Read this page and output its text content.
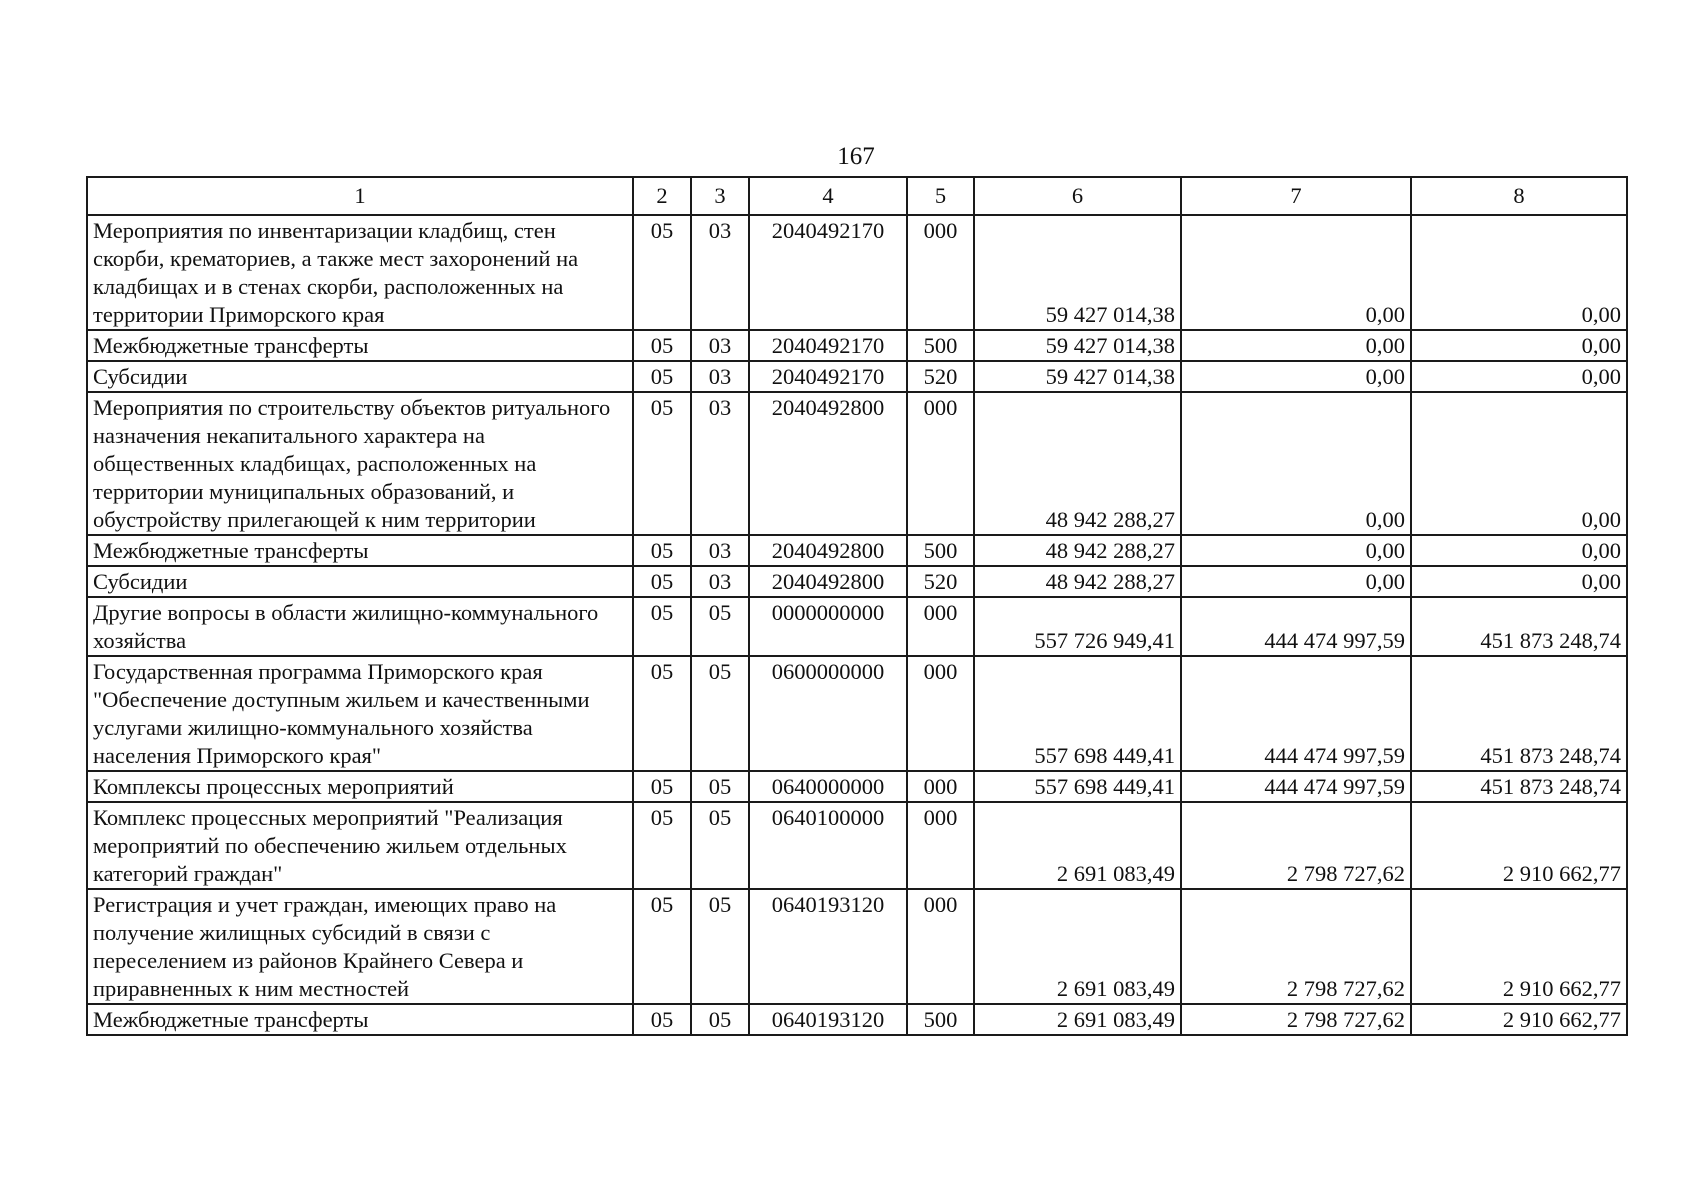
167
1	2	3	4	5	6	7	8
Мероприятия по инвентаризации кладбищ, стен скорби, крематориев, а также мест захоронений на кладбищах и в стенах скорби, расположенных на территории Приморского края	05	03	2040492170	000	59 427 014,38	0,00	0,00
Межбюджетные трансферты	05	03	2040492170	500	59 427 014,38	0,00	0,00
Субсидии	05	03	2040492170	520	59 427 014,38	0,00	0,00
Мероприятия по строительству объектов ритуального назначения некапитального характера на общественных кладбищах, расположенных на территории муниципальных образований, и обустройству прилегающей к ним территории	05	03	2040492800	000	48 942 288,27	0,00	0,00
Межбюджетные трансферты	05	03	2040492800	500	48 942 288,27	0,00	0,00
Субсидии	05	03	2040492800	520	48 942 288,27	0,00	0,00
Другие вопросы в области жилищно-коммунального хозяйства	05	05	0000000000	000	557 726 949,41	444 474 997,59	451 873 248,74
Государственная программа Приморского края "Обеспечение доступным жильем и качественными услугами жилищно-коммунального хозяйства населения Приморского края"	05	05	0600000000	000	557 698 449,41	444 474 997,59	451 873 248,74
Комплексы процессных мероприятий	05	05	0640000000	000	557 698 449,41	444 474 997,59	451 873 248,74
Комплекс процессных мероприятий "Реализация мероприятий по обеспечению жильем отдельных категорий граждан"	05	05	0640100000	000	2 691 083,49	2 798 727,62	2 910 662,77
Регистрация и учет граждан, имеющих право на получение жилищных субсидий в связи с переселением из районов Крайнего Севера и приравненных к ним местностей	05	05	0640193120	000	2 691 083,49	2 798 727,62	2 910 662,77
Межбюджетные трансферты	05	05	0640193120	500	2 691 083,49	2 798 727,62	2 910 662,77
